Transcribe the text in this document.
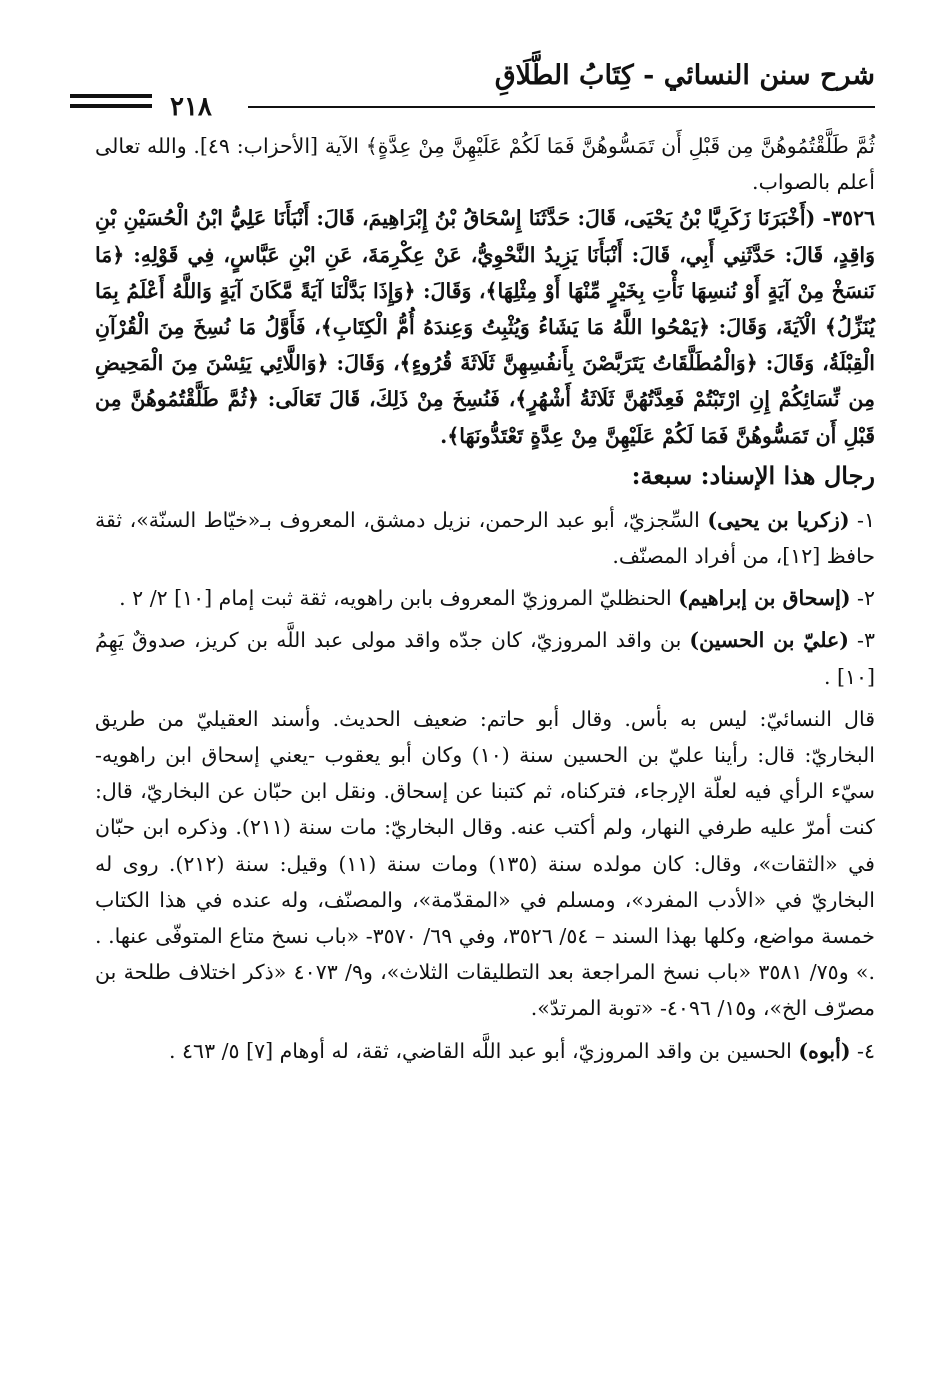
شرح سنن النسائي - كِتَابُ الطَّلَاقِ
٢١٨

ثُمَّ طَلَّقْتُمُوهُنَّ مِن قَبْلِ أَن تَمَسُّوهُنَّ فَمَا لَكُمْ عَلَيْهِنَّ مِنْ عِدَّةٍ﴾ الآية [الأحزاب: ٤٩]. والله تعالى أعلم بالصواب.

٣٥٢٦- (أَخْبَرَنَا زَكَرِيَّا بْنُ يَحْيَى، قَالَ: حَدَّثَنَا إِسْحَاقُ بْنُ إِبْرَاهِيمَ، قَالَ: أَنْبَأَنَا عَلِيُّ ابْنُ الْحُسَيْنِ بْنِ وَاقِدٍ، قَالَ: حَدَّثَنِي أَبِي، قَالَ: أَنْبَأَنَا يَزِيدُ النَّحْوِيُّ، عَنْ عِكْرِمَةَ، عَنِ ابْنِ عَبَّاسٍ، فِي قَوْلِهِ: ﴿مَا نَنسَخْ مِنْ آيَةٍ أَوْ نُنسِهَا نَأْتِ بِخَيْرٍ مِّنْهَا أَوْ مِثْلِهَا﴾، وَقَالَ: ﴿وَإِذَا بَدَّلْنَا آيَةً مَّكَانَ آيَةٍ وَاللَّهُ أَعْلَمُ بِمَا يُنَزِّلُ﴾ الْآيَةَ، وَقَالَ: ﴿يَمْحُوا اللَّهُ مَا يَشَاءُ وَيُثْبِتُ وَعِندَهُ أُمُّ الْكِتَابِ﴾، فَأَوَّلُ مَا نُسِخَ مِنَ الْقُرْآنِ الْقِبْلَةُ، وَقَالَ: ﴿وَالْمُطَلَّقَاتُ يَتَرَبَّصْنَ بِأَنفُسِهِنَّ ثَلَاثَةَ قُرُوءٍ﴾، وَقَالَ: ﴿وَاللَّائِي يَئِسْنَ مِنَ الْمَحِيضِ مِن نِّسَائِكُمْ إِنِ ارْتَبْتُمْ فَعِدَّتُهُنَّ ثَلَاثَةُ أَشْهُرٍ﴾، فَنُسِخَ مِنْ ذَلِكَ، قَالَ تَعَالَى: ﴿ثُمَّ طَلَّقْتُمُوهُنَّ مِن قَبْلِ أَن تَمَسُّوهُنَّ فَمَا لَكُمْ عَلَيْهِنَّ مِنْ عِدَّةٍ تَعْتَدُّونَهَا﴾.

رجال هذا الإسناد: سبعة:

١- (زكريا بن يحيى) السِّجزيّ، أبو عبد الرحمن، نزيل دمشق، المعروف بـ«خيّاط السنّة»، ثقة حافظ [١٢]، من أفراد المصنّف.

٢- (إسحاق بن إبراهيم) الحنظليّ المروزيّ المعروف بابن راهويه، ثقة ثبت إمام [١٠] ٢/ ٢ .

٣- (عليّ بن الحسين) بن واقد المروزيّ، كان جدّه واقد مولى عبد اللَّه بن كريز، صدوقٌ يَهِمُ [١٠] .

قال النسائيّ: ليس به بأس. وقال أبو حاتم: ضعيف الحديث. وأسند العقيليّ من طريق البخاريّ: قال: رأينا عليّ بن الحسين سنة (١٠) وكان أبو يعقوب -يعني إسحاق ابن راهويه- سيّء الرأي فيه لعلّة الإرجاء، فتركناه، ثم كتبنا عن إسحاق. ونقل ابن حبّان عن البخاريّ، قال: كنت أمرّ عليه طرفي النهار، ولم أكتب عنه. وقال البخاريّ: مات سنة (٢١١). وذكره ابن حبّان في «الثقات»، وقال: كان مولده سنة (١٣٥) ومات سنة (١١) وقيل: سنة (٢١٢). روى له البخاريّ في «الأدب المفرد»، ومسلم في «المقدّمة»، والمصنّف، وله عنده في هذا الكتاب خمسة مواضع، وكلها بهذا السند – ٥٤/ ٣٥٢٦، وفي ٦٩/ ٣٥٧٠- «باب نسخ متاع المتوفّى عنها. . .» و٧٥/ ٣٥٨١ «باب نسخ المراجعة بعد التطليقات الثلاث»، و٩/ ٤٠٧٣ «ذكر اختلاف طلحة بن مصرّف الخ»، و١٥/ ٤٠٩٦- «توبة المرتدّ».

٤- (أبوه) الحسين بن واقد المروزيّ، أبو عبد اللَّه القاضي، ثقة، له أوهام [٧] ٥/ ٤٦٣ .
